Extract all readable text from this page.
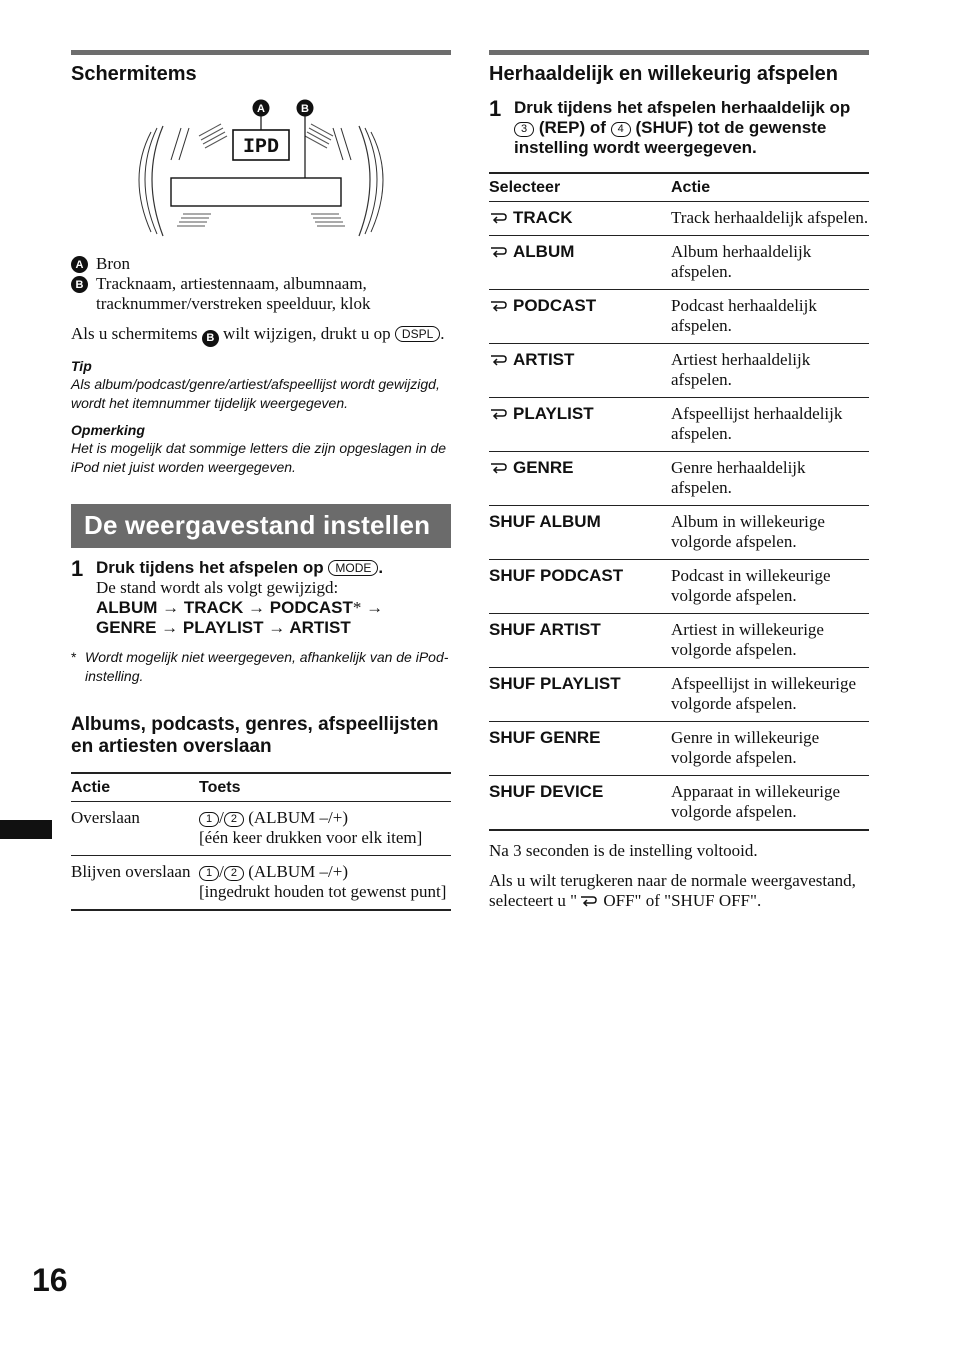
Schermitems
IPD
A	B
A Bron
B Tracknaam, artiestennaam, albumnaam, tracknummer/verstreken speelduur, klok
Als u schermitems B wilt wijzigen, drukt u op DSPL .
Tip
Als album/podcast/genre/artiest/afspeellijst wordt gewijzigd, wordt het itemnummer tijdelijk weergegeven.
Opmerking
Het is mogelijk dat sommige letters die zijn opgeslagen in de iPod niet juist worden weergegeven.
De weergavestand instellen
1 Druk tijdens het afspelen op MODE .
De stand wordt als volgt gewijzigd:
ALBUM → TRACK → PODCAST* →
GENRE → PLAYLIST → ARTIST
* Wordt mogelijk niet weergegeven, afhankelijk van de iPod-instelling.
Albums, podcasts, genres, afspeellijsten en artiesten overslaan
Actie	Toets
Overslaan	1 / 2 (ALBUM –/+)
[één keer drukken voor elk item]
Blijven overslaan	1 / 2 (ALBUM –/+)
[ingedrukt houden tot gewenst punt]
Herhaaldelijk en willekeurig afspelen
1 Druk tijdens het afspelen herhaaldelijk op 3 (REP) of 4 (SHUF) tot de gewenste instelling wordt weergegeven.
Selecteer	Actie
TRACK	Track herhaaldelijk afspelen.
ALBUM	Album herhaaldelijk afspelen.
PODCAST	Podcast herhaaldelijk afspelen.
ARTIST	Artiest herhaaldelijk afspelen.
PLAYLIST	Afspeellijst herhaaldelijk afspelen.
GENRE	Genre herhaaldelijk afspelen.
SHUF ALBUM	Album in willekeurige volgorde afspelen.
SHUF PODCAST	Podcast in willekeurige volgorde afspelen.
SHUF ARTIST	Artiest in willekeurige volgorde afspelen.
SHUF PLAYLIST	Afspeellijst in willekeurige volgorde afspelen.
SHUF GENRE	Genre in willekeurige volgorde afspelen.
SHUF DEVICE	Apparaat in willekeurige volgorde afspelen.
Na 3 seconden is de instelling voltooid.
Als u wilt terugkeren naar de normale weergavestand, selecteert u " OFF" of "SHUF OFF".
16
